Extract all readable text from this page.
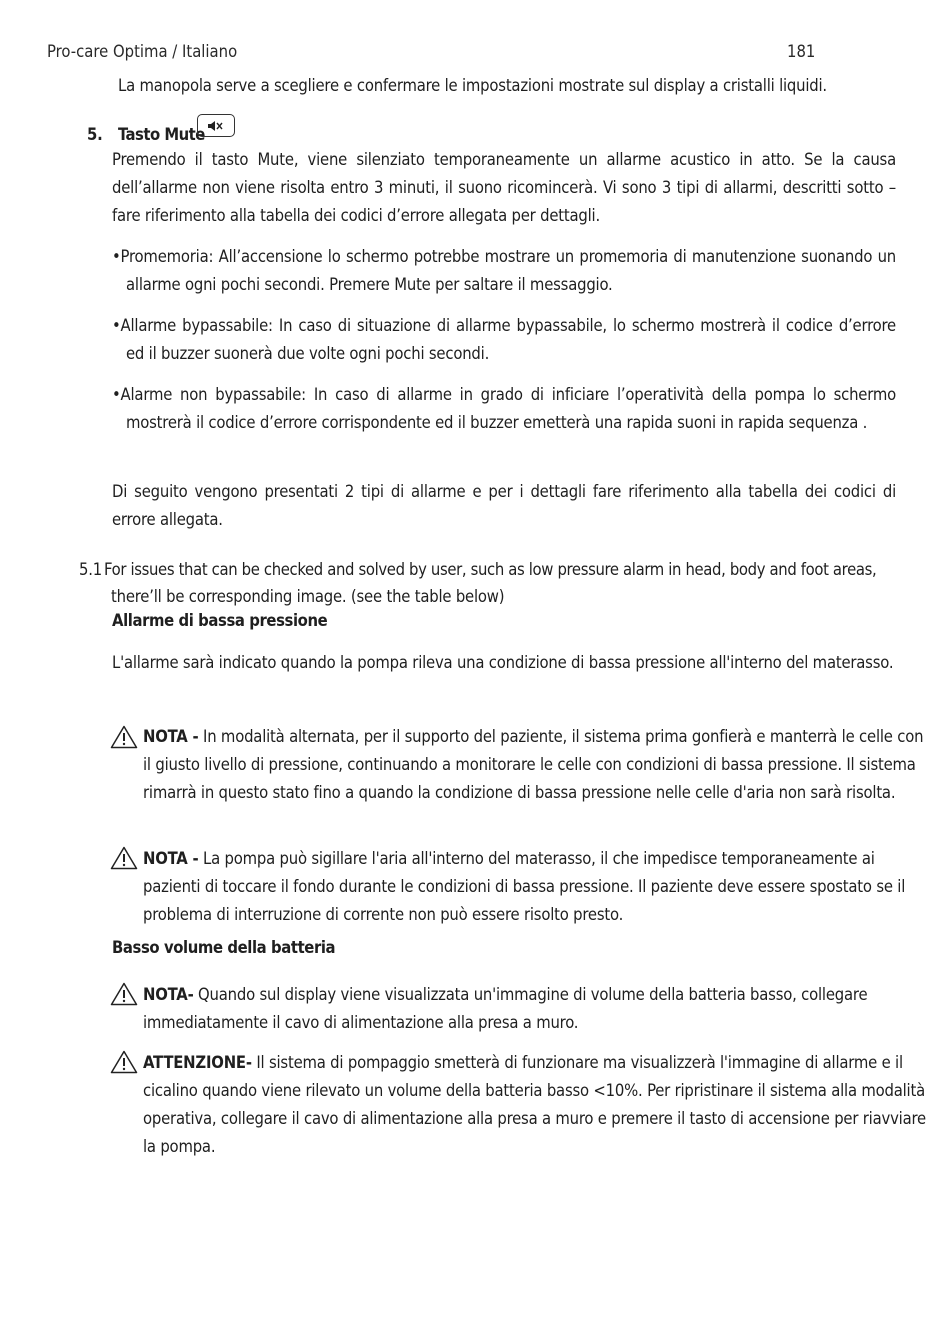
Pro-care Optima / Italiano	181
La manopola serve a scegliere e confermare le impostazioni mostrate sul display a cristalli liquidi.
5. Tasto Mute
Premendo il tasto Mute, viene silenziato temporaneamente un allarme acustico in atto. Se la causa dell’allarme non viene risolta entro 3 minuti, il suono ricomincerà. Vi sono 3 tipi di allarmi, descritti sotto – fare riferimento alla tabella dei codici d’errore allegata per dettagli.
•Promemoria: All’accensione lo schermo potrebbe mostrare un promemoria di manutenzione suonando un allarme ogni pochi secondi. Premere Mute per saltare il messaggio.
•Allarme bypassabile: In caso di situazione di allarme bypassabile, lo schermo mostrerà il codice d’errore ed il buzzer suonerà due volte ogni pochi secondi.
•Alarme non bypassabile: In caso di allarme in grado di inficiare l’operatività della pompa lo schermo mostrerà il codice d’errore corrispondente ed il buzzer emetterà una rapida suoni in rapida sequenza .
Di seguito vengono presentati 2 tipi di allarme e per i dettagli fare riferimento alla tabella dei codici di errore allegata.
5.1 For issues that can be checked and solved by user, such as low pressure alarm in head, body and foot areas,
there’ll be corresponding image. (see the table below)
Allarme di bassa pressione
L'allarme sarà indicato quando la pompa rileva una condizione di bassa pressione all'interno del materasso.
NOTA - In modalità alternata, per il supporto del paziente, il sistema prima gonfierà e manterrà le celle con il giusto livello di pressione, continuando a monitorare le celle con condizioni di bassa pressione. Il sistema rimarrà in questo stato fino a quando la condizione di bassa pressione nelle celle d'aria non sarà risolta.
NOTA - La pompa può sigillare l'aria all'interno del materasso, il che impedisce temporaneamente ai pazienti di toccare il fondo durante le condizioni di bassa pressione. Il paziente deve essere spostato se il problema di interruzione di corrente non può essere risolto presto.
Basso volume della batteria
NOTA- Quando sul display viene visualizzata un'immagine di volume della batteria basso, collegare immediatamente il cavo di alimentazione alla presa a muro.
ATTENZIONE- Il sistema di pompaggio smetterà di funzionare ma visualizzerà l'immagine di allarme e il cicalino quando viene rilevato un volume della batteria basso <10%. Per ripristinare il sistema alla modalità operativa, collegare il cavo di alimentazione alla presa a muro e premere il tasto di accensione per riavviare la pompa.
